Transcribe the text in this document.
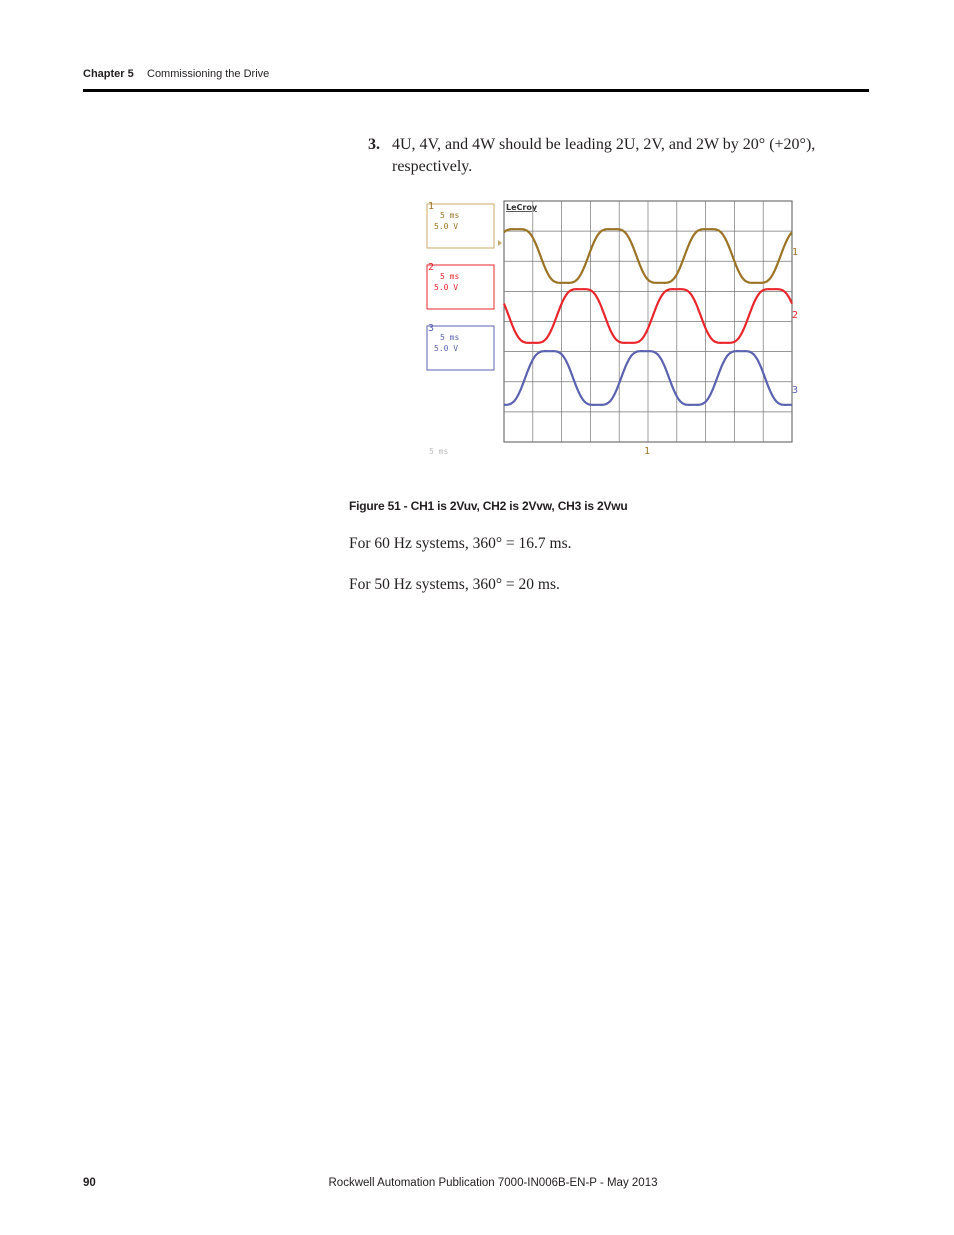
Chapter 5 Commissioning the Drive
3. 4U, 4V, and 4W should be leading 2U, 2V, and 2W by 20° (+20°), respectively.
1
5 ms
5.0 V
2
5 ms
5.0 V
3
5 ms
5.0 V
LeCroy
1
2
3
1
5 ms
Figure 51 - CH1 is 2Vuv, CH2 is 2Vvw, CH3 is 2Vwu
For 60 Hz systems, 360° = 16.7 ms.
For 50 Hz systems, 360° = 20 ms.
90	Rockwell Automation Publication 7000-IN006B-EN-P - May 2013
